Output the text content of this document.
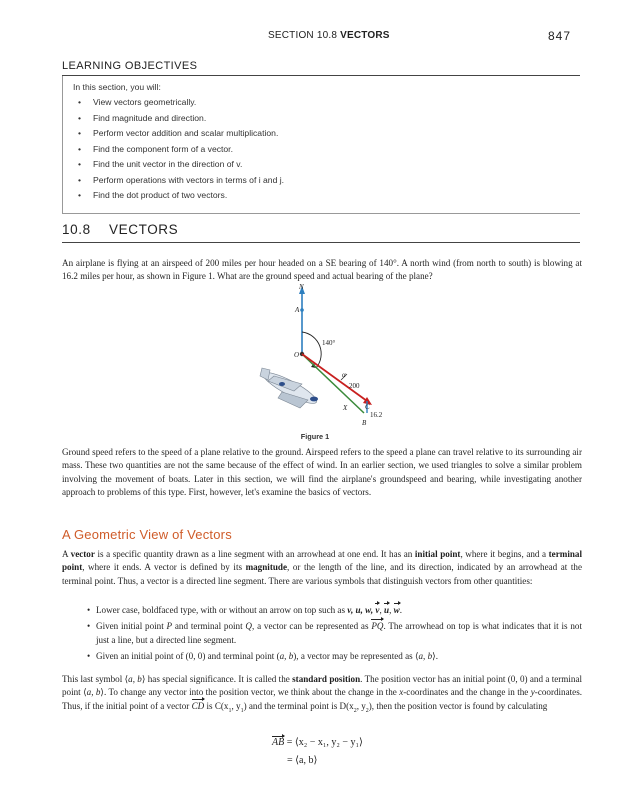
SECTION 10.8 VECTORS	847
LEARNING OBJECTIVES
In this section, you will:
• View vectors geometrically.
• Find magnitude and direction.
• Perform vector addition and scalar multiplication.
• Find the component form of a vector.
• Find the unit vector in the direction of v.
• Perform operations with vectors in terms of i and j.
• Find the dot product of two vectors.
10.8 VECTORS
An airplane is flying at an airspeed of 200 miles per hour headed on a SE bearing of 140°. A north wind (from north to south) is blowing at 16.2 miles per hour, as shown in Figure 1. What are the ground speed and actual bearing of the plane?
N
A
O
140°
α
200
X	C
16.2
B
Figure 1
Ground speed refers to the speed of a plane relative to the ground. Airspeed refers to the speed a plane can travel relative to its surrounding air mass. These two quantities are not the same because of the effect of wind. In an earlier section, we used triangles to solve a similar problem involving the movement of boats. Later in this section, we will find the airplane's groundspeed and bearing, while investigating another approach to problems of this type. First, however, let's examine the basics of vectors.
A Geometric View of Vectors
A vector is a specific quantity drawn as a line segment with an arrowhead at one end. It has an initial point, where it begins, and a terminal point, where it ends. A vector is defined by its magnitude, or the length of the line, and its direction, indicated by an arrowhead at the terminal point. Thus, a vector is a directed line segment. There are various symbols that distinguish vectors from other quantities:
• Lower case, boldfaced type, with or without an arrow on top such as v, u, w, v, u, w.
• Given initial point P and terminal point Q, a vector can be represented as PQ. The arrowhead on top is what indicates that it is not just a line, but a directed line segment.
• Given an initial point of (0, 0) and terminal point (a, b), a vector may be represented as ⟨a, b⟩.
This last symbol ⟨a, b⟩ has special significance. It is called the standard position. The position vector has an initial point (0, 0) and a terminal point ⟨a, b⟩. To change any vector into the position vector, we think about the change in the x-coordinates and the change in the y-coordinates. Thus, if the initial point of a vector CD is $C(x_1$, $y_1$) and the terminal point is $D(x_2$, $y_2$), then the position vector is found by calculating
AB = ⟨x₂ − x₁, y₂ − y₁⟩
= ⟨a, b⟩
